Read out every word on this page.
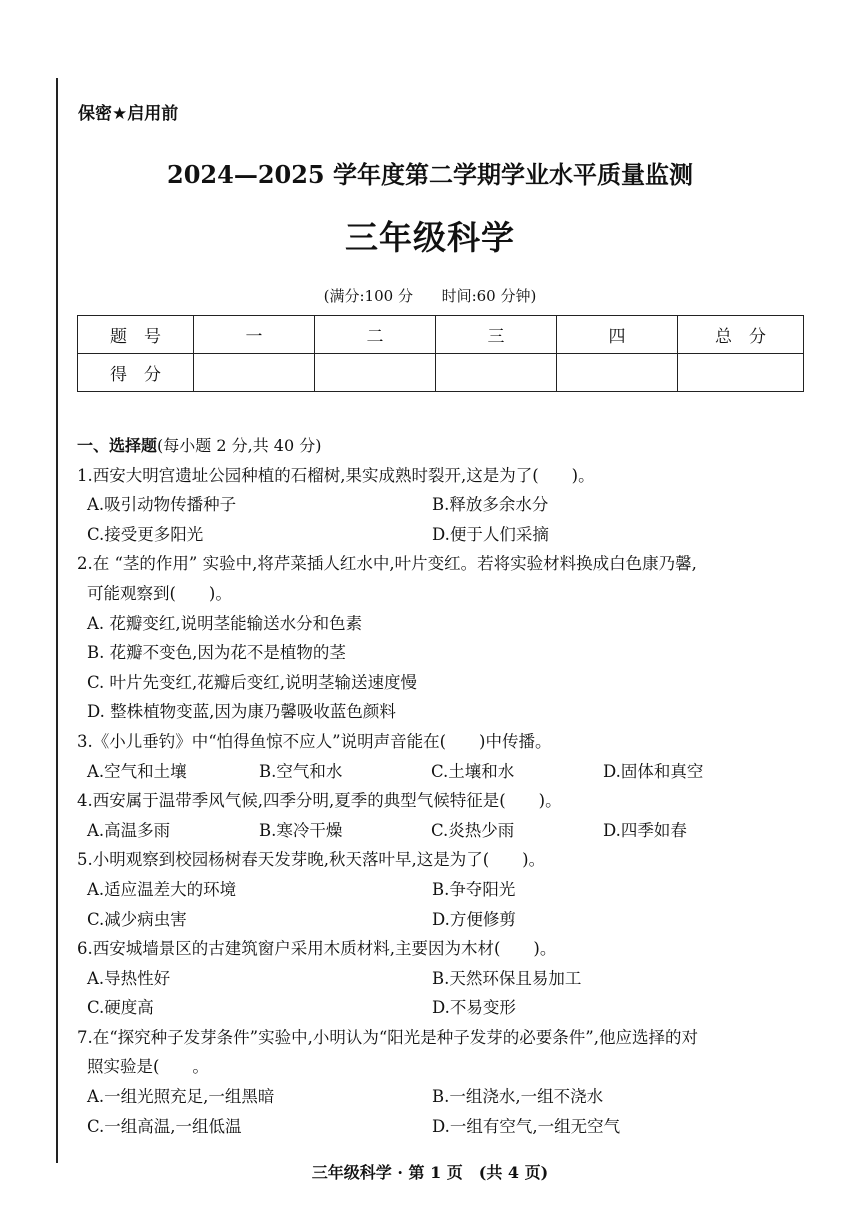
保密★启用前
2024—2025 学年度第二学期学业水平质量监测
三年级科学
(满分:100 分      时间:60 分钟)
题　号	一	二	三	四	总　分
得　分					
一、选择题(每小题 2 分,共 40 分)
1.西安大明宫遗址公园种植的石榴树,果实成熟时裂开,这是为了(　　)。
A.吸引动物传播种子	B.释放多余水分
C.接受更多阳光	D.便于人们采摘
2.在 “茎的作用” 实验中,将芹菜插人红水中,叶片变红。若将实验材料换成白色康乃馨,
可能观察到(　　)。
A. 花瓣变红,说明茎能输送水分和色素
B. 花瓣不变色,因为花不是植物的茎
C. 叶片先变红,花瓣后变红,说明茎输送速度慢
D. 整株植物变蓝,因为康乃馨吸收蓝色颜料
3.《小儿垂钓》中“怕得鱼惊不应人”说明声音能在(　　)中传播。
A.空气和土壤	B.空气和水	C.土壤和水	D.固体和真空
4.西安属于温带季风气候,四季分明,夏季的典型气候特征是(　　)。
A.高温多雨	B.寒冷干燥	C.炎热少雨	D.四季如春
5.小明观察到校园杨树春天发芽晚,秋天落叶早,这是为了(　　)。
A.适应温差大的环境	B.争夺阳光
C.减少病虫害	D.方便修剪
6.西安城墙景区的古建筑窗户采用木质材料,主要因为木材(　　)。
A.导热性好	B.天然环保且易加工
C.硬度高	D.不易变形
7.在“探究种子发芽条件”实验中,小明认为“阳光是种子发芽的必要条件”,他应选择的对
照实验是(　　。
A.一组光照充足,一组黑暗	B.一组浇水,一组不浇水
C.一组高温,一组低温	D.一组有空气,一组无空气
三年级科学 · 第 1 页　(共 4 页)
